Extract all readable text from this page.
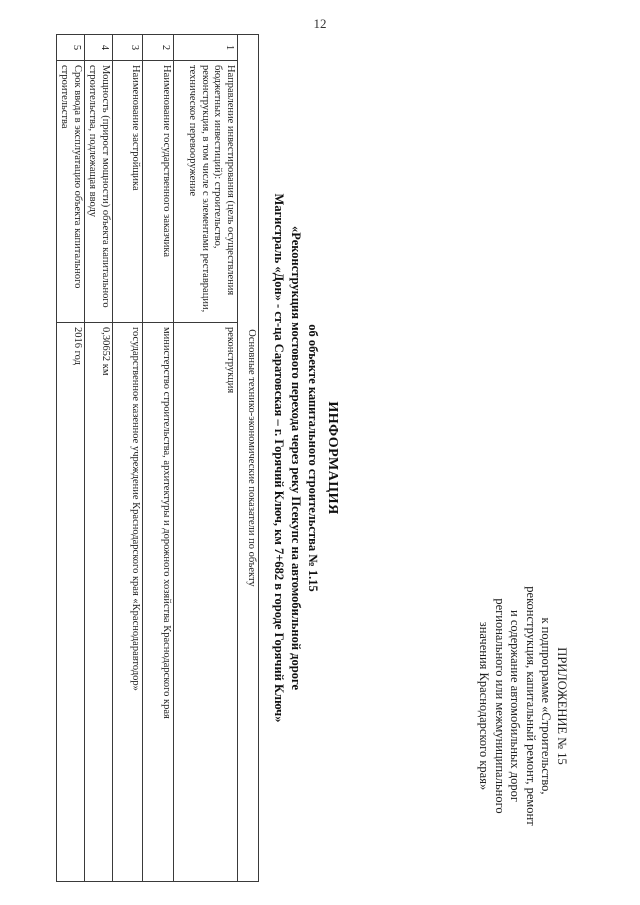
12
ПРИЛОЖЕНИЕ № 15
к подпрограмме «Строительство,
реконструкция, капитальный ремонт, ремонт
и содержание автомобильных дорог
регионального или межмуниципального
значения Краснодарского края»
ИНФОРМАЦИЯ
об объекте капитального строительства № 1.15
«Реконструкция мостового перехода через реку Псекупс на автомобильной дороге
Магистраль «Дон» - ст-ца Саратовская – г. Горячий Ключ, км 7+682 в городе Горячий Ключ»
Основные технико-экономические показатели по объекту		
1	Направление инвестирования (цель осуществления бюджетных инвестиций): строительство, реконструкция, в том числе с элементами реставрации, техническое перевооружение	реконструкция
2	Наименование государственного заказчика	министерство строительства, архитектуры и дорожного хозяйства Краснодарского края
3	Наименование застройщика	государственное казенное учреждение Краснодарского края «Краснодаравтодор»
4	Мощность (прирост мощности) объекта капитального строительства, подлежащая вводу	0,30652 км
5	Срок ввода в эксплуатацию объекта капитального строительства	2016 год
